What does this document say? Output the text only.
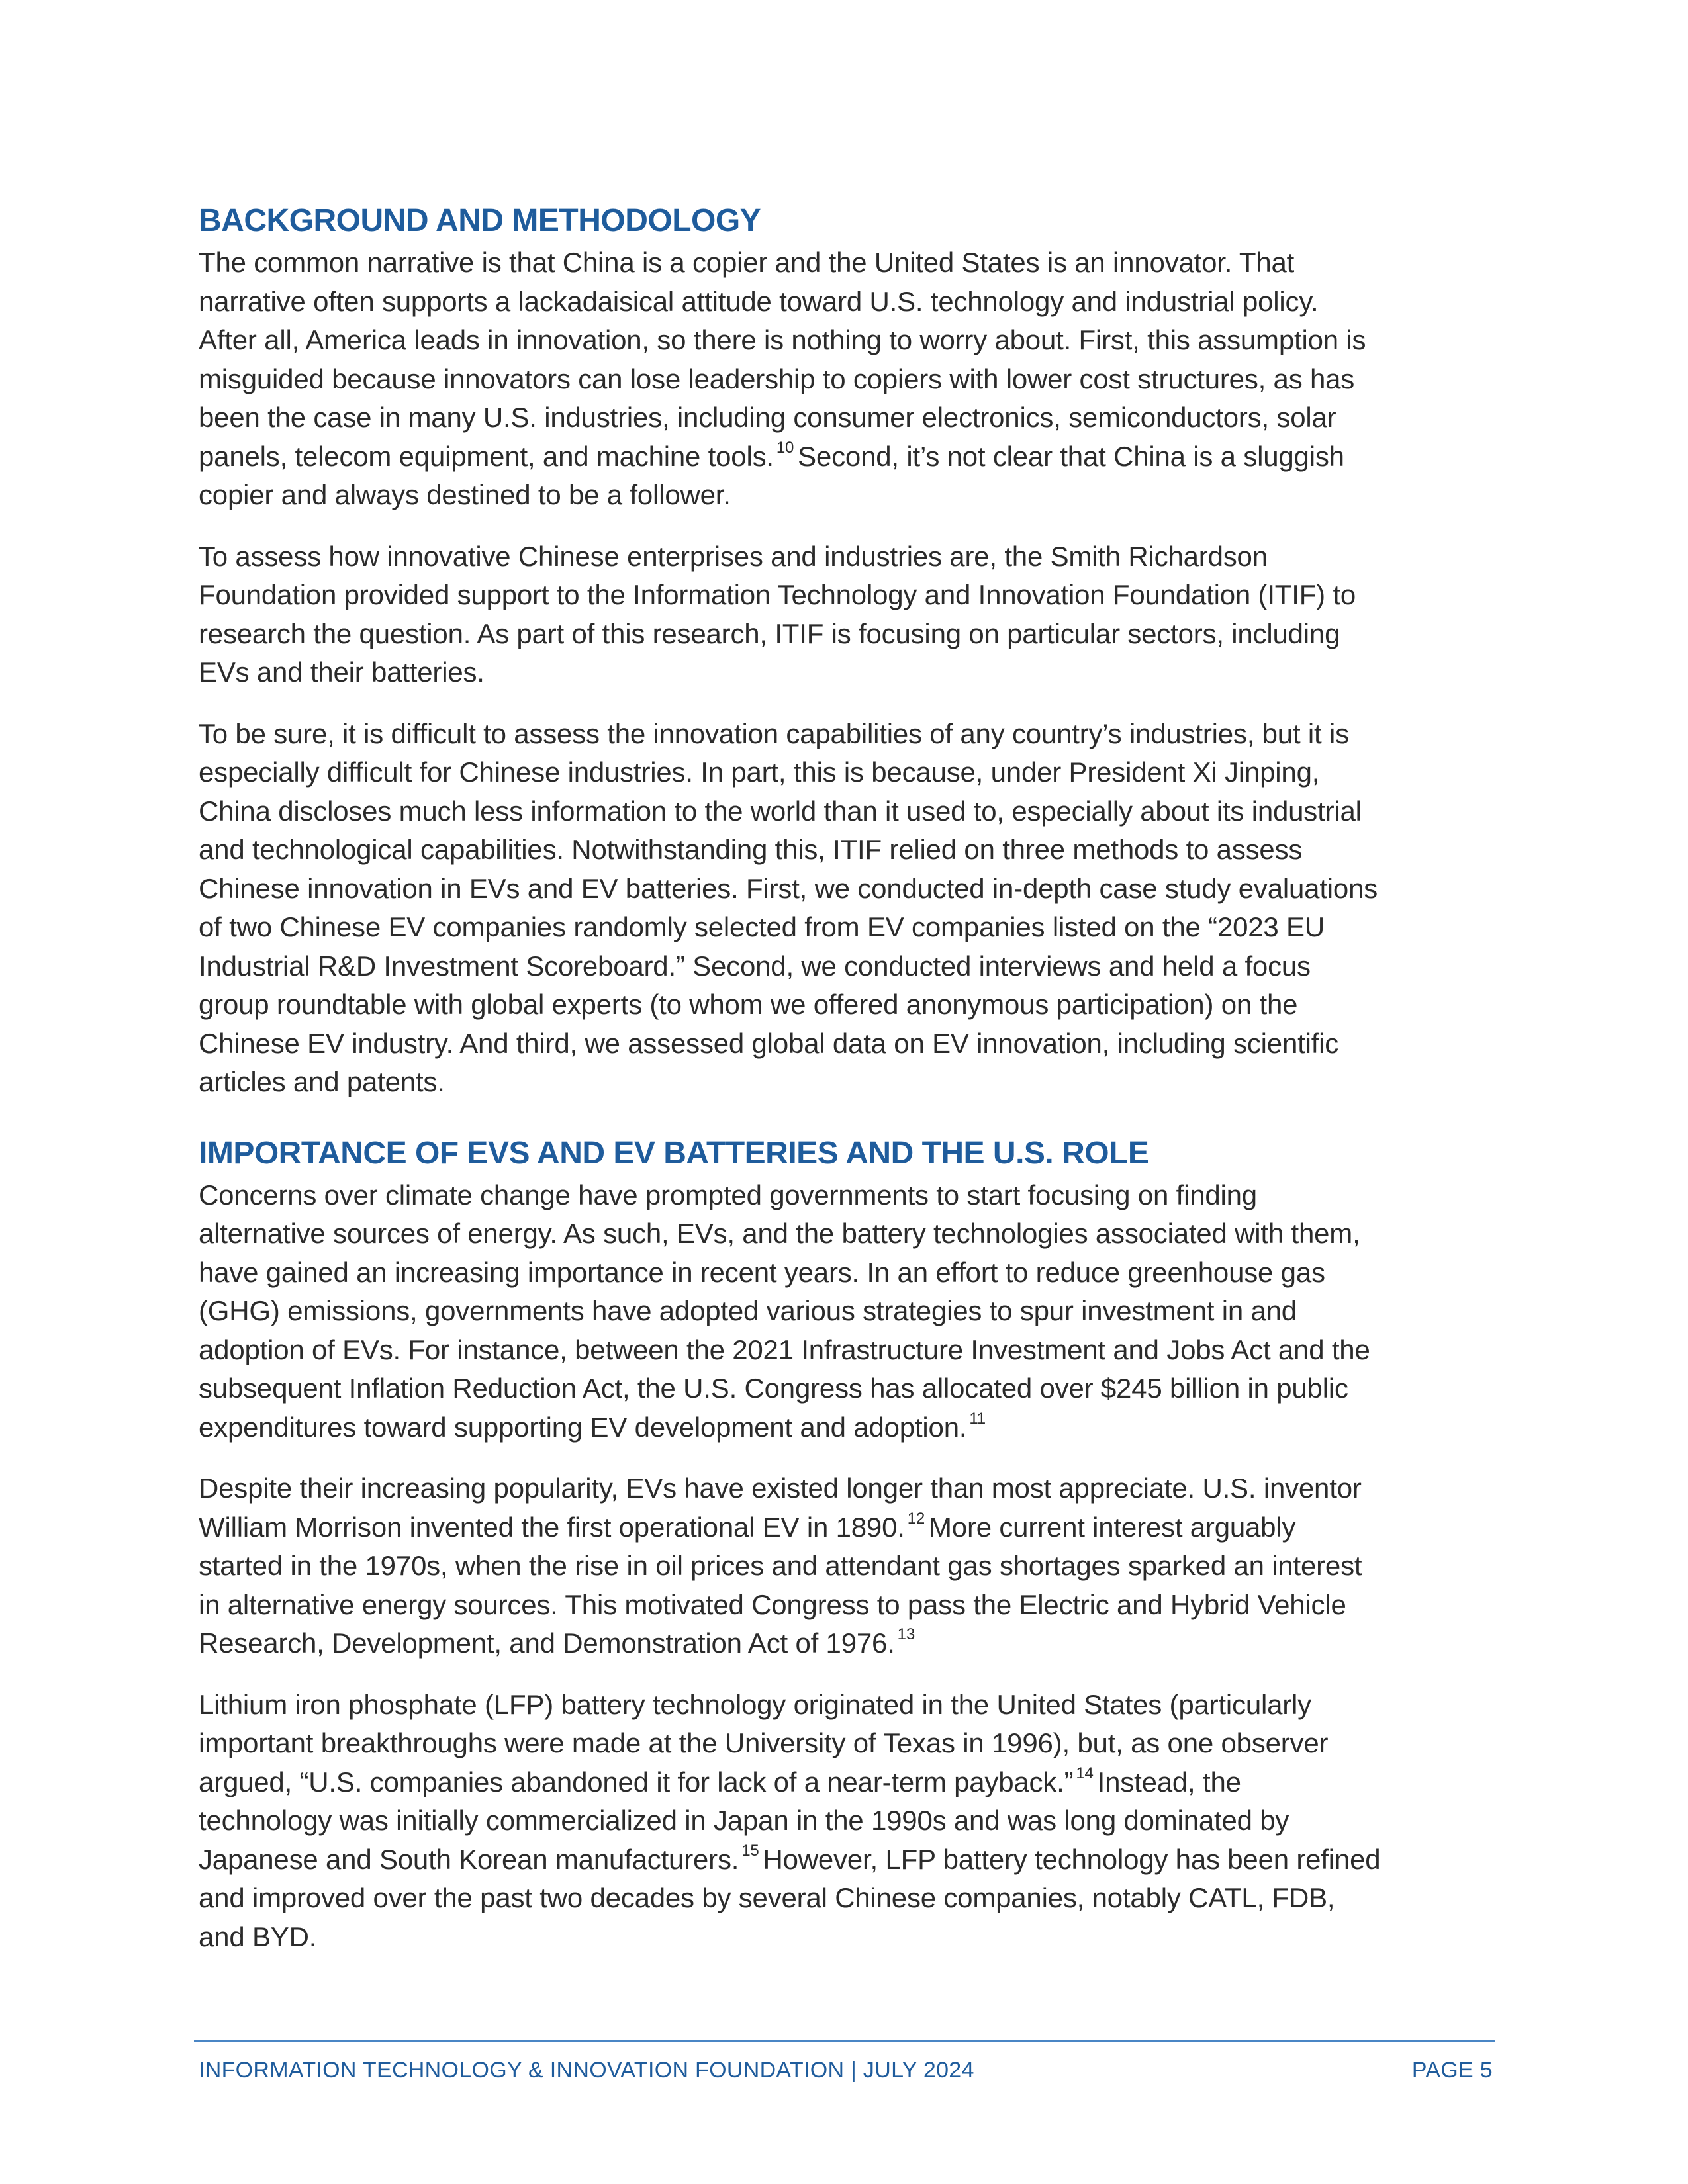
BACKGROUND AND METHODOLOGY

The common narrative is that China is a copier and the United States is an innovator. That
narrative often supports a lackadaisical attitude toward U.S. technology and industrial policy.
After all, America leads in innovation, so there is nothing to worry about. First, this assumption is
misguided because innovators can lose leadership to copiers with lower cost structures, as has
been the case in many U.S. industries, including consumer electronics, semiconductors, solar
panels, telecom equipment, and machine tools. $^{10}$ Second, it’s not clear that China is a sluggish
copier and always destined to be a follower.

To assess how innovative Chinese enterprises and industries are, the Smith Richardson
Foundation provided support to the Information Technology and Innovation Foundation (ITIF) to
research the question. As part of this research, ITIF is focusing on particular sectors, including
EVs and their batteries.

To be sure, it is difficult to assess the innovation capabilities of any country’s industries, but it is
especially difficult for Chinese industries. In part, this is because, under President Xi Jinping,
China discloses much less information to the world than it used to, especially about its industrial
and technological capabilities. Notwithstanding this, ITIF relied on three methods to assess
Chinese innovation in EVs and EV batteries. First, we conducted in-depth case study evaluations
of two Chinese EV companies randomly selected from EV companies listed on the “2023 EU
Industrial R&D Investment Scoreboard.” Second, we conducted interviews and held a focus
group roundtable with global experts (to whom we offered anonymous participation) on the
Chinese EV industry. And third, we assessed global data on EV innovation, including scientific
articles and patents.

IMPORTANCE OF EVS AND EV BATTERIES AND THE U.S. ROLE

Concerns over climate change have prompted governments to start focusing on finding
alternative sources of energy. As such, EVs, and the battery technologies associated with them,
have gained an increasing importance in recent years. In an effort to reduce greenhouse gas
(GHG) emissions, governments have adopted various strategies to spur investment in and
adoption of EVs. For instance, between the 2021 Infrastructure Investment and Jobs Act and the
subsequent Inflation Reduction Act, the U.S. Congress has allocated over $245 billion in public
expenditures toward supporting EV development and adoption. $^{11}$

Despite their increasing popularity, EVs have existed longer than most appreciate. U.S. inventor
William Morrison invented the first operational EV in 1890. $^{12}$ More current interest arguably
started in the 1970s, when the rise in oil prices and attendant gas shortages sparked an interest
in alternative energy sources. This motivated Congress to pass the Electric and Hybrid Vehicle
Research, Development, and Demonstration Act of 1976. $^{13}$

Lithium iron phosphate (LFP) battery technology originated in the United States (particularly
important breakthroughs were made at the University of Texas in 1996), but, as one observer
argued, “U.S. companies abandoned it for lack of a near-term payback.” $^{14}$ Instead, the
technology was initially commercialized in Japan in the 1990s and was long dominated by
Japanese and South Korean manufacturers. $^{15}$ However, LFP battery technology has been refined
and improved over the past two decades by several Chinese companies, notably CATL, FDB,
and BYD.

INFORMATION TECHNOLOGY & INNOVATION FOUNDATION | JULY 2024	PAGE 5
